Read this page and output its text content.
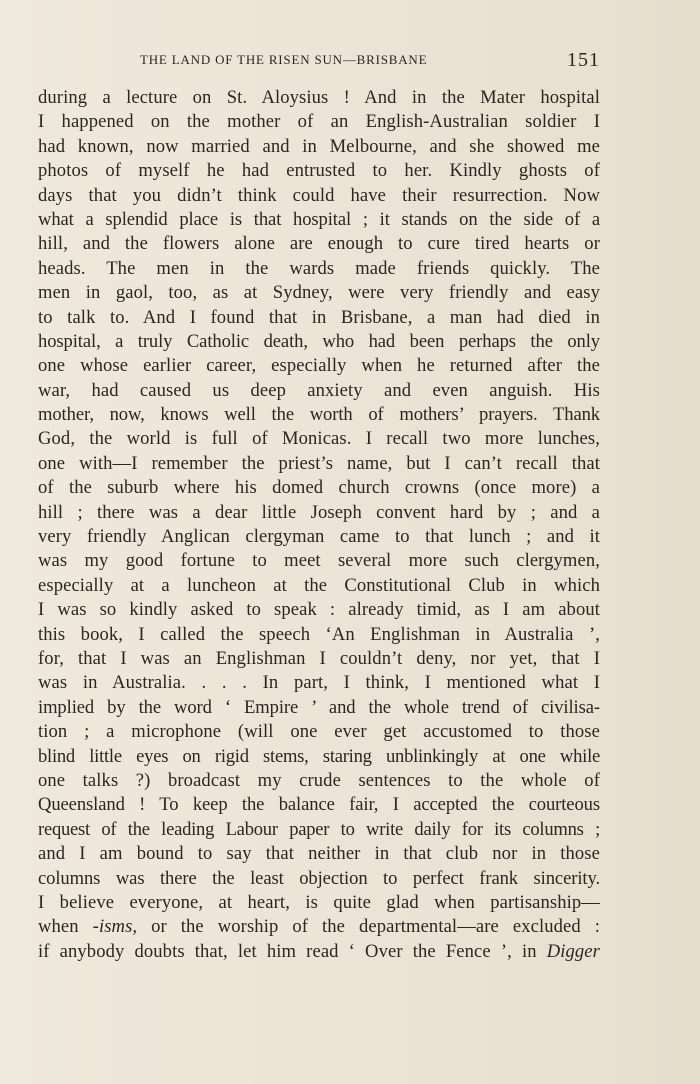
THE LAND OF THE RISEN SUN—BRISBANE	151
during a lecture on St. Aloysius ! And in the Mater hospital
I happened on the mother of an English-Australian soldier I
had known, now married and in Melbourne, and she showed me
photos of myself he had entrusted to her. Kindly ghosts of
days that you didn’t think could have their resurrection. Now
what a splendid place is that hospital ; it stands on the side of a
hill, and the flowers alone are enough to cure tired hearts or
heads. The men in the wards made friends quickly. The
men in gaol, too, as at Sydney, were very friendly and easy
to talk to. And I found that in Brisbane, a man had died in
hospital, a truly Catholic death, who had been perhaps the only
one whose earlier career, especially when he returned after the
war, had caused us deep anxiety and even anguish. His
mother, now, knows well the worth of mothers’ prayers. Thank
God, the world is full of Monicas. I recall two more lunches,
one with—I remember the priest’s name, but I can’t recall that
of the suburb where his domed church crowns (once more) a
hill ; there was a dear little Joseph convent hard by ; and a
very friendly Anglican clergyman came to that lunch ; and it
was my good fortune to meet several more such clergymen,
especially at a luncheon at the Constitutional Club in which
I was so kindly asked to speak : already timid, as I am about
this book, I called the speech ‘An Englishman in Australia ’,
for, that I was an Englishman I couldn’t deny, nor yet, that I
was in Australia. . . . In part, I think, I mentioned what I
implied by the word ‘ Empire ’ and the whole trend of civilisa-
tion ; a microphone (will one ever get accustomed to those
blind little eyes on rigid stems, staring unblinkingly at one while
one talks ?) broadcast my crude sentences to the whole of
Queensland ! To keep the balance fair, I accepted the courteous
request of the leading Labour paper to write daily for its columns ;
and I am bound to say that neither in that club nor in those
columns was there the least objection to perfect frank sincerity.
I believe everyone, at heart, is quite glad when partisanship—
when -isms, or the worship of the departmental—are excluded :
if anybody doubts that, let him read ‘ Over the Fence ’, in Digger
